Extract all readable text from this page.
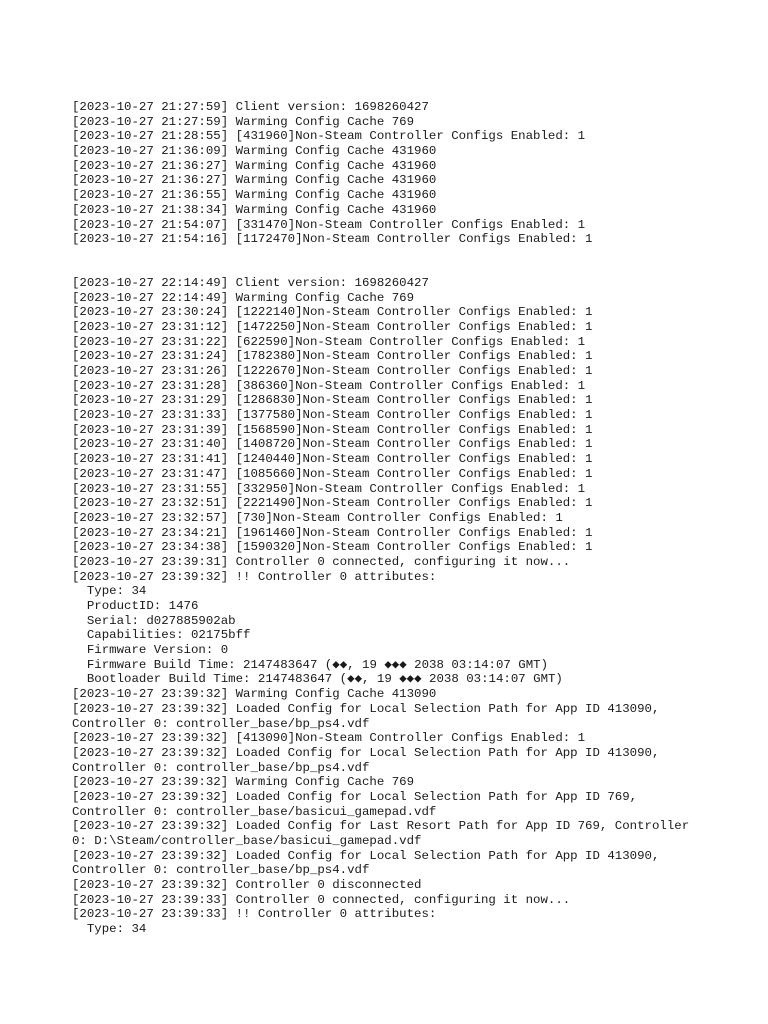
[2023-10-27 21:27:59] Client version: 1698260427
[2023-10-27 21:27:59] Warming Config Cache 769
[2023-10-27 21:28:55] [431960]Non-Steam Controller Configs Enabled: 1
[2023-10-27 21:36:09] Warming Config Cache 431960
[2023-10-27 21:36:27] Warming Config Cache 431960
[2023-10-27 21:36:27] Warming Config Cache 431960
[2023-10-27 21:36:55] Warming Config Cache 431960
[2023-10-27 21:38:34] Warming Config Cache 431960
[2023-10-27 21:54:07] [331470]Non-Steam Controller Configs Enabled: 1
[2023-10-27 21:54:16] [1172470]Non-Steam Controller Configs Enabled: 1
[2023-10-27 22:14:49] Client version: 1698260427
[2023-10-27 22:14:49] Warming Config Cache 769
[2023-10-27 23:30:24] [1222140]Non-Steam Controller Configs Enabled: 1
[2023-10-27 23:31:12] [1472250]Non-Steam Controller Configs Enabled: 1
[2023-10-27 23:31:22] [622590]Non-Steam Controller Configs Enabled: 1
[2023-10-27 23:31:24] [1782380]Non-Steam Controller Configs Enabled: 1
[2023-10-27 23:31:26] [1222670]Non-Steam Controller Configs Enabled: 1
[2023-10-27 23:31:28] [386360]Non-Steam Controller Configs Enabled: 1
[2023-10-27 23:31:29] [1286830]Non-Steam Controller Configs Enabled: 1
[2023-10-27 23:31:33] [1377580]Non-Steam Controller Configs Enabled: 1
[2023-10-27 23:31:39] [1568590]Non-Steam Controller Configs Enabled: 1
[2023-10-27 23:31:40] [1408720]Non-Steam Controller Configs Enabled: 1
[2023-10-27 23:31:41] [1240440]Non-Steam Controller Configs Enabled: 1
[2023-10-27 23:31:47] [1085660]Non-Steam Controller Configs Enabled: 1
[2023-10-27 23:31:55] [332950]Non-Steam Controller Configs Enabled: 1
[2023-10-27 23:32:51] [2221490]Non-Steam Controller Configs Enabled: 1
[2023-10-27 23:32:57] [730]Non-Steam Controller Configs Enabled: 1
[2023-10-27 23:34:21] [1961460]Non-Steam Controller Configs Enabled: 1
[2023-10-27 23:34:38] [1590320]Non-Steam Controller Configs Enabled: 1
[2023-10-27 23:39:31] Controller 0 connected, configuring it now...
[2023-10-27 23:39:32] !! Controller 0 attributes:
Type: 34
ProductID: 1476
Serial: d027885902ab
Capabilities: 02175bff
Firmware Version: 0
Firmware Build Time: 2147483647 (◆◆, 19 ◆◆◆ 2038 03:14:07 GMT)
Bootloader Build Time: 2147483647 (◆◆, 19 ◆◆◆ 2038 03:14:07 GMT)
[2023-10-27 23:39:32] Warming Config Cache 413090
[2023-10-27 23:39:32] Loaded Config for Local Selection Path for App ID 413090,
Controller 0: controller_base/bp_ps4.vdf
[2023-10-27 23:39:32] [413090]Non-Steam Controller Configs Enabled: 1
[2023-10-27 23:39:32] Loaded Config for Local Selection Path for App ID 413090,
Controller 0: controller_base/bp_ps4.vdf
[2023-10-27 23:39:32] Warming Config Cache 769
[2023-10-27 23:39:32] Loaded Config for Local Selection Path for App ID 769,
Controller 0: controller_base/basicui_gamepad.vdf
[2023-10-27 23:39:32] Loaded Config for Last Resort Path for App ID 769, Controller
0: D:\Steam/controller_base/basicui_gamepad.vdf
[2023-10-27 23:39:32] Loaded Config for Local Selection Path for App ID 413090,
Controller 0: controller_base/bp_ps4.vdf
[2023-10-27 23:39:32] Controller 0 disconnected
[2023-10-27 23:39:33] Controller 0 connected, configuring it now...
[2023-10-27 23:39:33] !! Controller 0 attributes:
Type: 34
